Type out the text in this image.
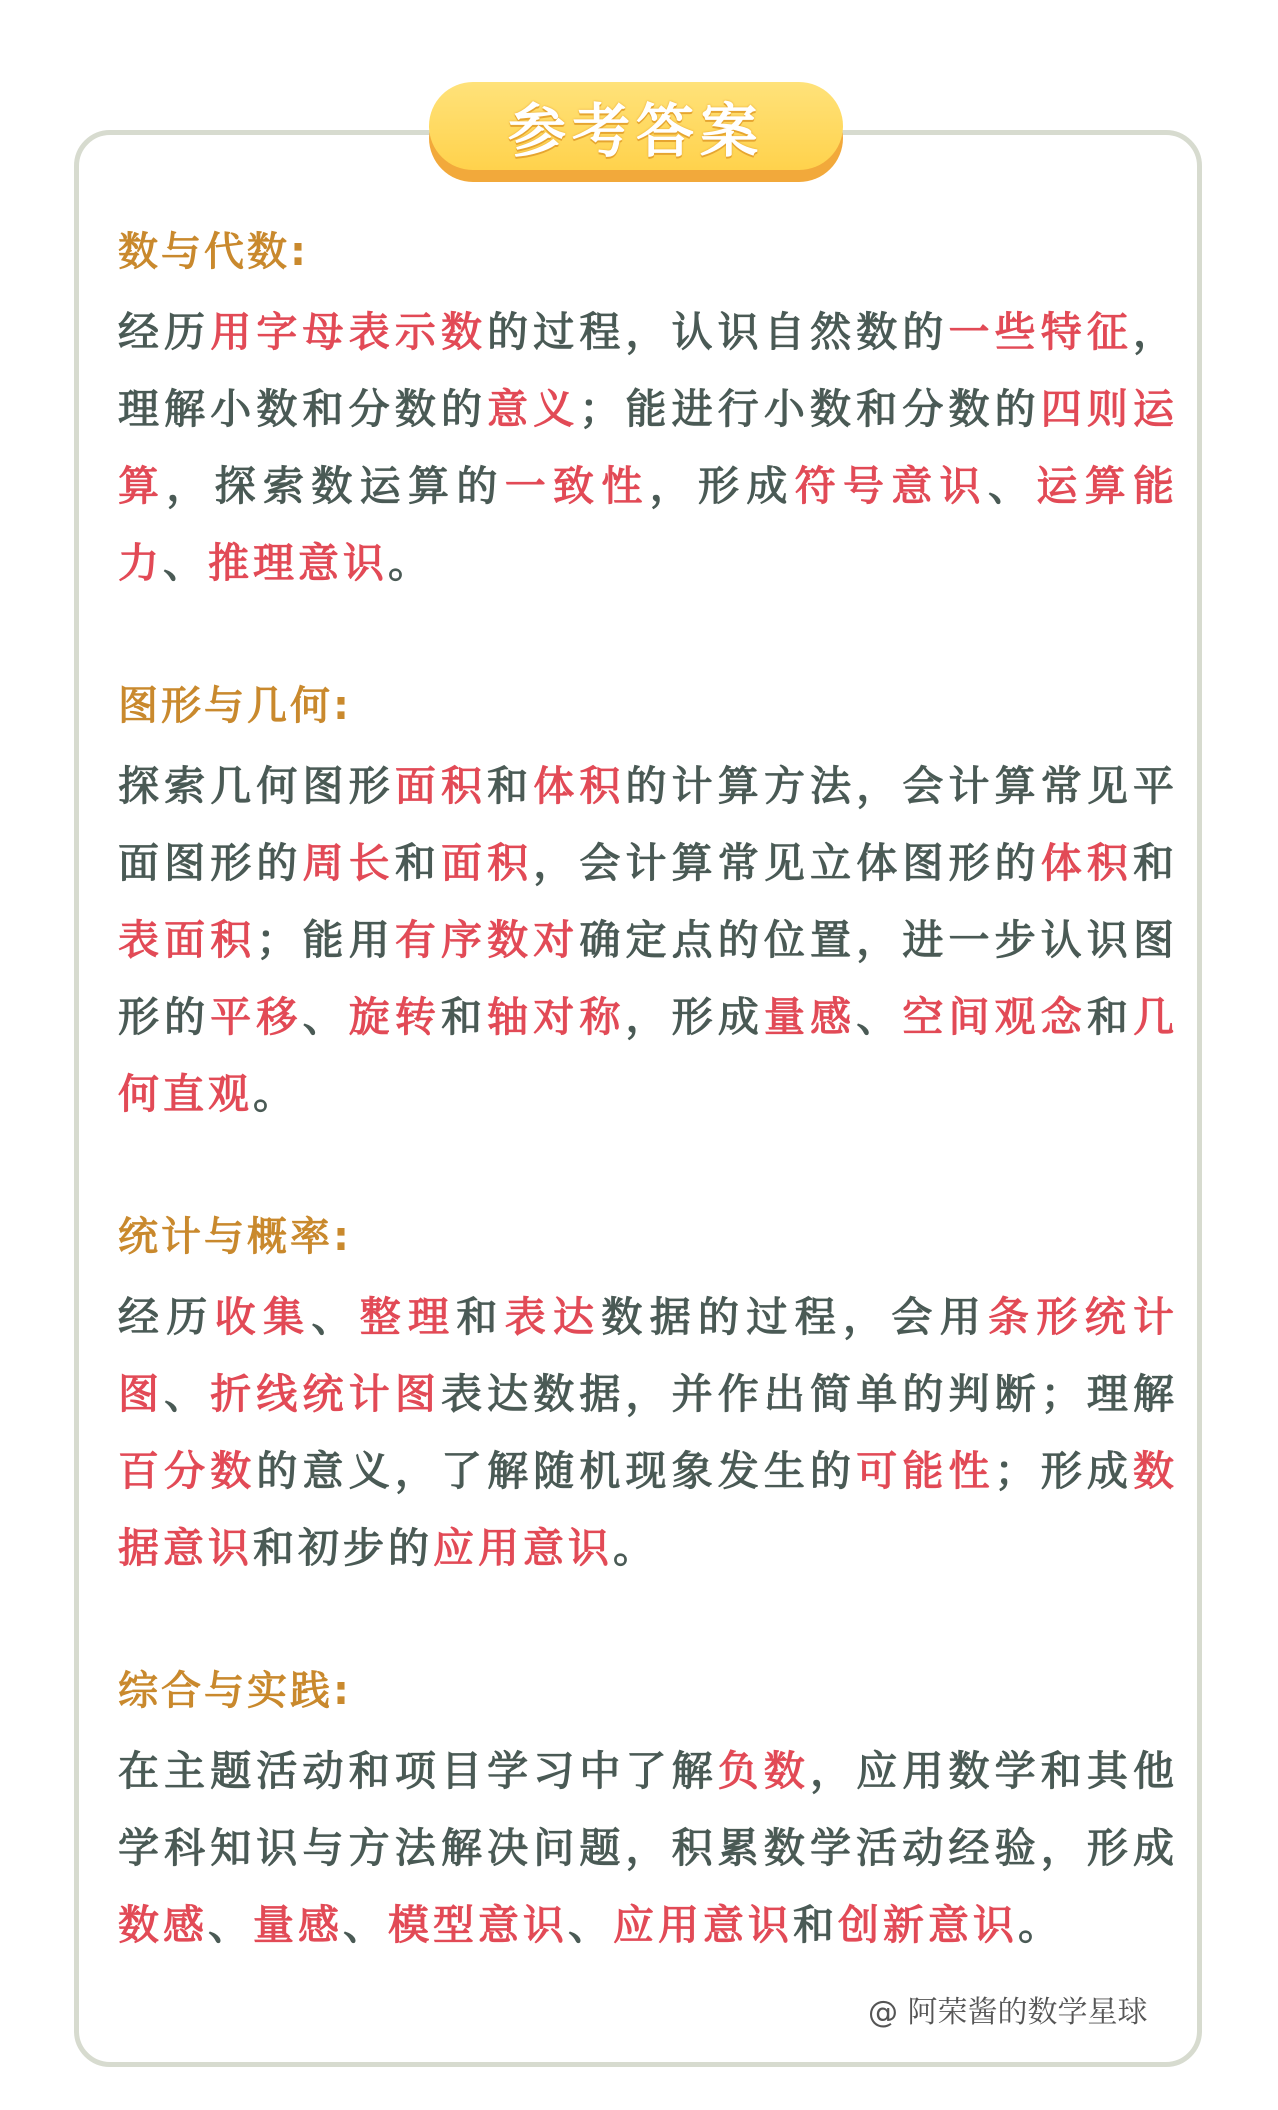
参考答案
数与代数:
经历用字母表示数的过程，认识自然数的一些特征，理解小数和分数的意义；能进行小数和分数的四则运算，探索数运算的一致性，形成符号意识、运算能力、推理意识。
图形与几何:
探索几何图形面积和体积的计算方法，会计算常见平面图形的周长和面积，会计算常见立体图形的体积和表面积；能用有序数对确定点的位置，进一步认识图形的平移、旋转和轴对称，形成量感、空间观念和几何直观。
统计与概率:
经历收集、整理和表达数据的过程，会用条形统计图、折线统计图表达数据，并作出简单的判断；理解百分数的意义，了解随机现象发生的可能性；形成数据意识和初步的应用意识。
综合与实践:
在主题活动和项目学习中了解负数，应用数学和其他学科知识与方法解决问题，积累数学活动经验，形成数感、量感、模型意识、应用意识和创新意识。
@ 阿荣酱的数学星球
